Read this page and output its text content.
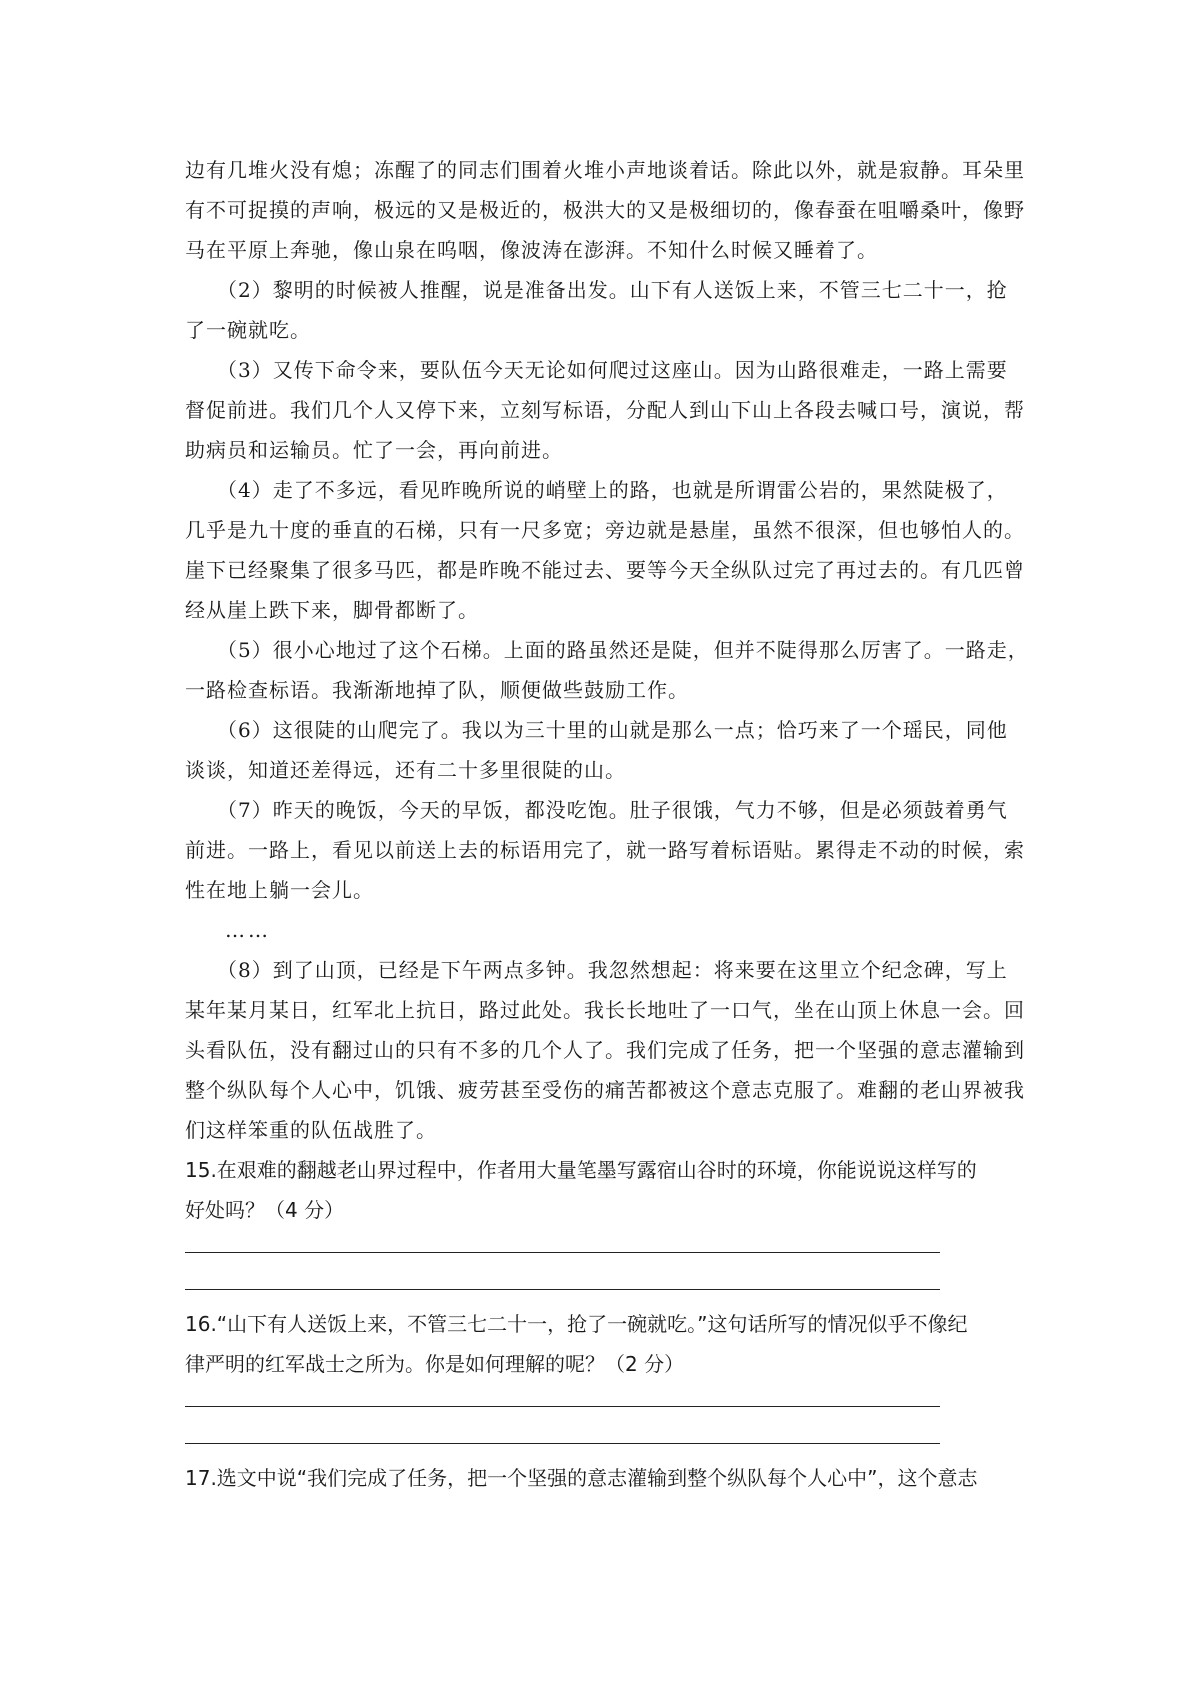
边有几堆火没有熄；冻醒了的同志们围着火堆小声地谈着话。除此以外，就是寂静。耳朵里
有不可捉摸的声响，极远的又是极近的，极洪大的又是极细切的，像春蚕在咀嚼桑叶，像野
马在平原上奔驰，像山泉在呜咽，像波涛在澎湃。不知什么时候又睡着了。
（2）黎明的时候被人推醒，说是准备出发。山下有人送饭上来，不管三七二十一，抢
了一碗就吃。
（3）又传下命令来，要队伍今天无论如何爬过这座山。因为山路很难走，一路上需要
督促前进。我们几个人又停下来，立刻写标语，分配人到山下山上各段去喊口号，演说，帮
助病员和运输员。忙了一会，再向前进。
（4）走了不多远，看见昨晚所说的峭壁上的路，也就是所谓雷公岩的，果然陡极了，
几乎是九十度的垂直的石梯，只有一尺多宽；旁边就是悬崖，虽然不很深，但也够怕人的。
崖下已经聚集了很多马匹，都是昨晚不能过去、要等今天全纵队过完了再过去的。有几匹曾
经从崖上跌下来，脚骨都断了。
（5）很小心地过了这个石梯。上面的路虽然还是陡，但并不陡得那么厉害了。一路走，
一路检查标语。我渐渐地掉了队，顺便做些鼓励工作。
（6）这很陡的山爬完了。我以为三十里的山就是那么一点；恰巧来了一个瑶民，同他
谈谈，知道还差得远，还有二十多里很陡的山。
（7）昨天的晚饭，今天的早饭，都没吃饱。肚子很饿，气力不够，但是必须鼓着勇气
前进。一路上，看见以前送上去的标语用完了，就一路写着标语贴。累得走不动的时候，索
性在地上躺一会儿。
……
（8）到了山顶，已经是下午两点多钟。我忽然想起：将来要在这里立个纪念碑，写上
某年某月某日，红军北上抗日，路过此处。我长长地吐了一口气，坐在山顶上休息一会。回
头看队伍，没有翻过山的只有不多的几个人了。我们完成了任务，把一个坚强的意志灌输到
整个纵队每个人心中，饥饿、疲劳甚至受伤的痛苦都被这个意志克服了。难翻的老山界被我
们这样笨重的队伍战胜了。
15.在艰难的翻越老山界过程中，作者用大量笔墨写露宿山谷时的环境，你能说说这样写的
好处吗？（4 分）
16.“山下有人送饭上来，不管三七二十一，抢了一碗就吃。”这句话所写的情况似乎不像纪
律严明的红军战士之所为。你是如何理解的呢？（2 分）
17.选文中说“我们完成了任务，把一个坚强的意志灌输到整个纵队每个人心中”，这个意志
